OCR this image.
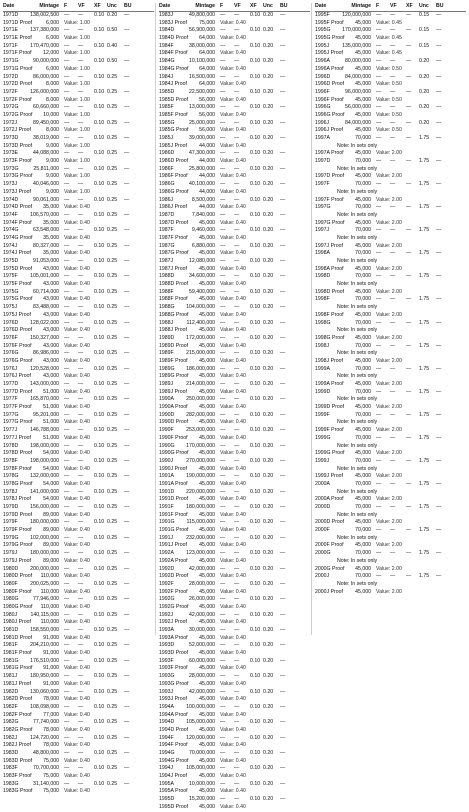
Date	Mintage F VF XF Unc BU
1971D	138,002,500 — — 0.10 0.20 —
1971D Proof	6,000 Value: 1.00
1971E	137,380,000 — — 0.10 0.50 —
1971E Proof	6,000 Value: 1.00
1971F	170,470,000 — — 0.10 0.40 —
1971F Proof	12,000 Value: 1.00
1971G	90,000,000 — — 0.10 0.50 —
1971G Proof	6,000 Value: 1.00
1972D	86,000,000 — — 0.10 0.25 —
1972D Proof	8,000 Value: 1.00
1972F	126,000,000 — — 0.10 0.25 —
1972F Proof	8,000 Value: 1.00
1972G	60,660,000 — — 0.10 0.25 —
1972G Proof	10,000 Value: 1.00
1972J	89,450,000 — — 0.10 0.25 —
1972J Proof	8,000 Value: 1.00
1973D	38,019,000 — — 0.10 0.25 —
1973D Proof	9,000 Value: 1.00
1973E	44,088,000 — — 0.10 0.25 —
1973F Proof	9,000 Value: 1.00
1973G	25,811,000 — — 0.10 0.25 —
1973G Proof	9,000 Value: 1.00
1973J	40,046,000 — — 0.10 0.25 —
1973J Proof	9,000 Value: 1.00
1974D	90,061,000 — — 0.10 0.25 —
1974D Proof	35,000 Value: 0.40
1974F	106,570,000 — — 0.10 0.25 —
1974F Proof	35,000 Value: 0.40
1974G	63,548,000 — — 0.10 0.25 —
1974G Proof	35,000 Value: 0.40
1974J	80,327,000 — — 0.10 0.25 —
1974J Proof	35,000 Value: 0.40
1975D	91,053,000 — — 0.10 0.25 —
1975D Proof	43,000 Value: 0.40
1975F	105,001,000 — — 0.10 0.25 —
1975F Proof	43,000 Value: 0.40
1975G	60,714,000 — — 0.10 0.25 —
1975G Proof	43,000 Value: 0.40
1975J	83,488,000 — — 0.10 0.25 —
1975J Proof	43,000 Value: 0.40
1976D	128,022,000 — — 0.10 0.25 —
1976D Proof	43,000 Value: 0.40
1976F	150,327,000 — — 0.10 0.25 —
1976F Proof	43,000 Value: 0.40
1976G	86,986,000 — — 0.10 0.25 —
1976G Proof	43,000 Value: 0.40
1976J	120,528,000 — — 0.10 0.25 —
1976J Proof	43,000 Value: 0.40
1977D	143,000,000 — — 0.10 0.25 —
1977D Proof	51,000 Value: 0.40
1977F	165,870,000 — — 0.10 0.25 —
1977F Proof	51,000 Value: 0.40
1977G	95,201,000 — — 0.10 0.25 —
1977G Proof	51,000 Value: 0.40
1977J	146,788,000 — — 0.10 0.25 —
1977J Proof	51,000 Value: 0.40
1978D	198,000,000 — — 0.10 0.25 —
1978D Proof	54,000 Value: 0.40
1978F	198,000,000 — — 0.10 0.25 —
1978F Proof	54,000 Value: 0.40
1978G	132,000,000 — — 0.10 0.25 —
1978G Proof	54,000 Value: 0.40
1978J	141,000,000 — — 0.10 0.25 —
1978J Proof	54,000 Value: 0.40
1979D	156,000,000 — — 0.10 0.25 —
1979D Proof	89,000 Value: 0.40
1979F	180,000,000 — — 0.10 0.25 —
1979F Proof	89,000 Value: 0.40
1979G	102,000,000 — — 0.10 0.25 —
1979G Proof	89,000 Value: 0.40
1979J	180,000,000 — — 0.10 0.25 —
1979J Proof	89,000 Value: 0.40
1980D	200,000,000 — — 0.10 0.25 —
1980D Proof	110,000 Value: 0.40
1980F	200,025,000 — — 0.10 0.25 —
1980F Proof	110,000 Value: 0.40
1980G	77,946,000 — — 0.10 0.25 —
1980G Proof	110,000 Value: 0.40
1980J	140,115,000 — — 0.10 0.25 —
1980J Proof	110,000 Value: 0.40
1981D	158,550,000 — — 0.10 0.25 —
1981D Proof	91,000 Value: 0.40
1981F	204,210,000 — — 0.10 0.25 —
1981F Proof	91,000 Value: 0.40
1981G	176,510,000 — — 0.10 0.25 —
1981G Proof	91,000 Value: 0.40
1981J	180,950,000 — — 0.10 0.25 —
1981J Proof	91,000 Value: 0.40
1982D	130,060,000 — — 0.10 0.25 —
1982D Proof	78,000 Value: 0.40
1982F	108,098,000 — — 0.10 0.25 —
1982F Proof	77,000 Value: 0.40
1982G	77,740,000 — — 0.10 0.25 —
1982G Proof	78,000 Value: 0.40
1982J	124,720,000 — — 0.10 0.25 —
1982J Proof	78,000 Value: 0.40
1983D	48,800,000 — — 0.10 0.25 —
1983D Proof	75,000 Value: 0.40
1983F	70,700,000 — — 0.10 0.25 —
1983F Proof	75,000 Value: 0.40
1983G	31,140,000 — — 0.10 0.25 —
1983G Proof	75,000 Value: 0.40
Date	Mintage F VF XF Unc BU
1983J	49,800,000 — — 0.10 0.20 —
1983J Proof	75,000 Value: 0.40
1984D	56,900,000 — — 0.10 0.20 —
1984D Proof	64,000 Value: 0.40
1984F	38,000,000 — — 0.10 0.20 —
1984F Proof	64,000 Value: 0.40
1984G	10,100,000 — — 0.10 0.20 —
1984G Proof	64,000 Value: 0.40
1984J	16,500,000 — — 0.10 0.20 —
1984J Proof	64,000 Value: 0.40
1985D	22,500,000 — — 0.10 0.20 —
1985D Proof	56,000 Value: 0.40
1985F	13,000,000 — — 0.10 0.20 —
1985F Proof	56,000 Value: 0.40
1985G	25,000,000 — — 0.10 0.20 —
1985G Proof	56,000 Value: 0.40
1985J	39,000,000 — — 0.10 0.20 —
1985J Proof	44,000 Value: 0.40
1986D	47,300,000 — — 0.10 0.20 —
1986D Proof	44,000 Value: 0.40
1986F	25,800,000 — — 0.10 0.20 —
1986F Proof	44,000 Value: 0.40
1986G	40,100,000 — — 0.10 0.20 —
1986G Proof	44,000 Value: 0.40
1986J	8,500,000 — — 0.10 0.20 —
1986J Proof	44,000 Value: 0.40
1987D	7,840,000 — — 0.10 0.20 —
1987D Proof	45,000 Value: 0.40
1987F	9,460,000 — — 0.10 0.20 —
1987F Proof	45,000 Value: 0.40
1987G	6,880,000 — — 0.10 0.20 —
1987G Proof	45,000 Value: 0.40
1987J	12,080,000 — — 0.10 0.20 —
1987J Proof	45,000 Value: 0.40
1988D	34,600,000 — — 0.10 0.20 —
1988D Proof	45,000 Value: 0.40
1988F	59,400,000 — — 0.10 0.20 —
1988F Proof	45,000 Value: 0.40
1988G	104,000,000 — — 0.10 0.20 —
1988G Proof	45,000 Value: 0.40
1988J	112,400,000 — — 0.10 0.20 —
1988J Proof	45,000 Value: 0.40
1989D	172,000,000 — — 0.10 0.20 —
1989D Proof	45,000 Value: 0.40
1989F	215,000,000 — — 0.10 0.20 —
1989F Proof	45,000 Value: 0.40
1989G	186,000,000 — — 0.10 0.20 —
1989G Proof	45,000 Value: 0.40
1989J	214,000,000 — — 0.10 0.20 —
1989J Proof	45,000 Value: 0.40
1990A	250,000,000 — — 0.10 0.20 —
1990A Proof	45,000 Value: 0.40
1990D	282,000,000 — — 0.10 0.20 —
1990D Proof	45,000 Value: 0.40
1990F	253,000,000 — — 0.10 0.20 —
1990F Proof	45,000 Value: 0.40
1990G	170,000,000 — — 0.10 0.20 —
1990G Proof	45,000 Value: 0.40
1990J	270,000,000 — — 0.10 0.20 —
1990J Proof	45,000 Value: 0.40
1991A	190,000,000 — — 0.10 0.20 —
1991A Proof	45,000 Value: 0.40
1991D	220,000,000 — — 0.10 0.20 —
1991D Proof	45,000 Value: 0.40
1991F	180,000,000 — — 0.10 0.20 —
1991F Proof	45,000 Value: 0.40
1991G	115,000,000 — — 0.10 0.20 —
1991G Proof	45,000 Value: 0.40
1991J	232,000,000 — — 0.10 0.20 —
1991J Proof	45,000 Value: 0.40
1992A	123,000,000 — — 0.10 0.20 —
1992A Proof	45,000 Value: 0.40
1992D	42,000,000 — — 0.10 0.20 —
1992D Proof	45,000 Value: 0.40
1992F	28,000,000 — — 0.10 0.20 —
1992F Proof	45,000 Value: 0.40
1992G	26,000,000 — — 0.10 0.20 —
1992G Proof	45,000 Value: 0.40
1992J	42,000,000 — — 0.10 0.20 —
1992J Proof	45,000 Value: 0.40
1993A	30,000,000 — — 0.10 0.20 —
1993A Proof	45,000 Value: 0.40
1993D	52,000,000 — — 0.10 0.20 —
1993D Proof	45,000 Value: 0.40
1993F	60,000,000 — — 0.10 0.20 —
1993F Proof	45,000 Value: 0.40
1993G	28,000,000 — — 0.10 0.20 —
1993G Proof	45,000 Value: 0.40
1993J	42,000,000 — — 0.10 0.20 —
1993J Proof	45,000 Value: 0.40
1994A	100,000,000 — — 0.10 0.20 —
1994A Proof	45,000 Value: 0.40
1994D	105,000,000 — — 0.10 0.20 —
1994D Proof	45,000 Value: 0.40
1994F	120,000,000 — — 0.10 0.20 —
1994F Proof	45,000 Value: 0.40
1994G	70,000,000 — — 0.10 0.20 —
1994G Proof	45,000 Value: 0.40
1994J	105,000,000 — — 0.10 0.20 —
1994J Proof	45,000 Value: 0.40
1995A	10,000,000 — — 0.10 0.20 —
1995A Proof	45,000 Value: 0.40
1995D	15,200,000 — — 0.10 0.20 —
1995D Proof	45,000 Value: 0.40
Date	Mintage F VF XF Unc BU
1995F	120,000,000 — — — 0.15 —
1995F Proof	45,000 Value: 0.45
1995G	170,000,000 — — — 0.15 —
1995G Proof	45,000 Value: 0.45
1995J	135,000,000 — — — 0.15 —
1995J Proof	45,000 Value: 0.45
1996A	80,000,000 — — — 0.20 —
1996A Proof	45,000 Value: 0.50
1996D	84,000,000 — — — 0.20 —
1996D Proof	45,000 Value: 0.50
1996F	96,000,000 — — — 0.20 —
1996F Proof	45,000 Value: 0.50
1996G	56,000,000 — — — 0.20 —
1996G Proof	45,000 Value: 0.50
1996J	84,000,000 — — — 0.20 —
1996J Proof	45,000 Value: 0.50
1997A	70,000 — — — 1.75 —
Note: In sets only
1997A Proof	45,000 Value: 2.00
1997D	70,000 — — — 1.75 —
Note: In sets only
1997D Proof	45,000 Value: 2.00
1997F	70,000 — — — 1.75 —
Note: In sets only
1997F Proof	45,000 Value: 2.00
1997G	70,000 — — — 1.75 —
Note: In sets only
1997G Proof	45,000 Value: 2.00
1997J	70,000 — — — 1.75 —
Note: In sets only
1997J Proof	45,000 Value: 2.00
1998A	70,000 — — — 1.75 —
Note: In sets only
1998A Proof	45,000 Value: 2.00
1998D	70,000 — — — 1.75 —
Note: In sets only
1998D Proof	45,000 Value: 2.00
1998F	70,000 — — — 1.75 —
Note: In sets only
1998F Proof	45,000 Value: 2.00
1998G	70,000 — — — 1.75 —
Note: In sets only
1998G Proof	45,000 Value: 2.00
1998J	70,000 — — — 1.75 —
Note: In sets only
1998J Proof	45,000 Value: 2.00
1999A	70,000 — — — 1.75 —
Note: In sets only
1999A Proof	45,000 Value: 2.00
1999D	70,000 — — — 1.75 —
Note: In sets only
1999D Proof	45,000 Value: 2.00
1999F	70,000 — — — 1.75 —
Note: In sets only
1999F Proof	45,000 Value: 2.00
1999G	70,000 — — — 1.75 —
Note: In sets only
1999G Proof	45,000 Value: 2.00
1999J	70,000 — — — 1.75 —
Note: In sets only
1999J Proof	45,000 Value: 2.00
2000A	70,000 — — — 1.75 —
Note: In sets only
2000A Proof	45,000 Value: 2.00
2000D	70,000 — — — 1.75 —
Note: In sets only
2000D Proof	45,000 Value: 2.00
2000F	70,000 — — — 1.75 —
Note: In sets only
2000F Proof	45,000 Value: 2.00
2000G	70,000 — — — 1.75 —
Note: In sets only
2000G Proof	45,000 Value: 2.00
2000J	70,000 — — — 1.75 —
Note: In sets only
2000J Proof	45,000 Value: 2.00
